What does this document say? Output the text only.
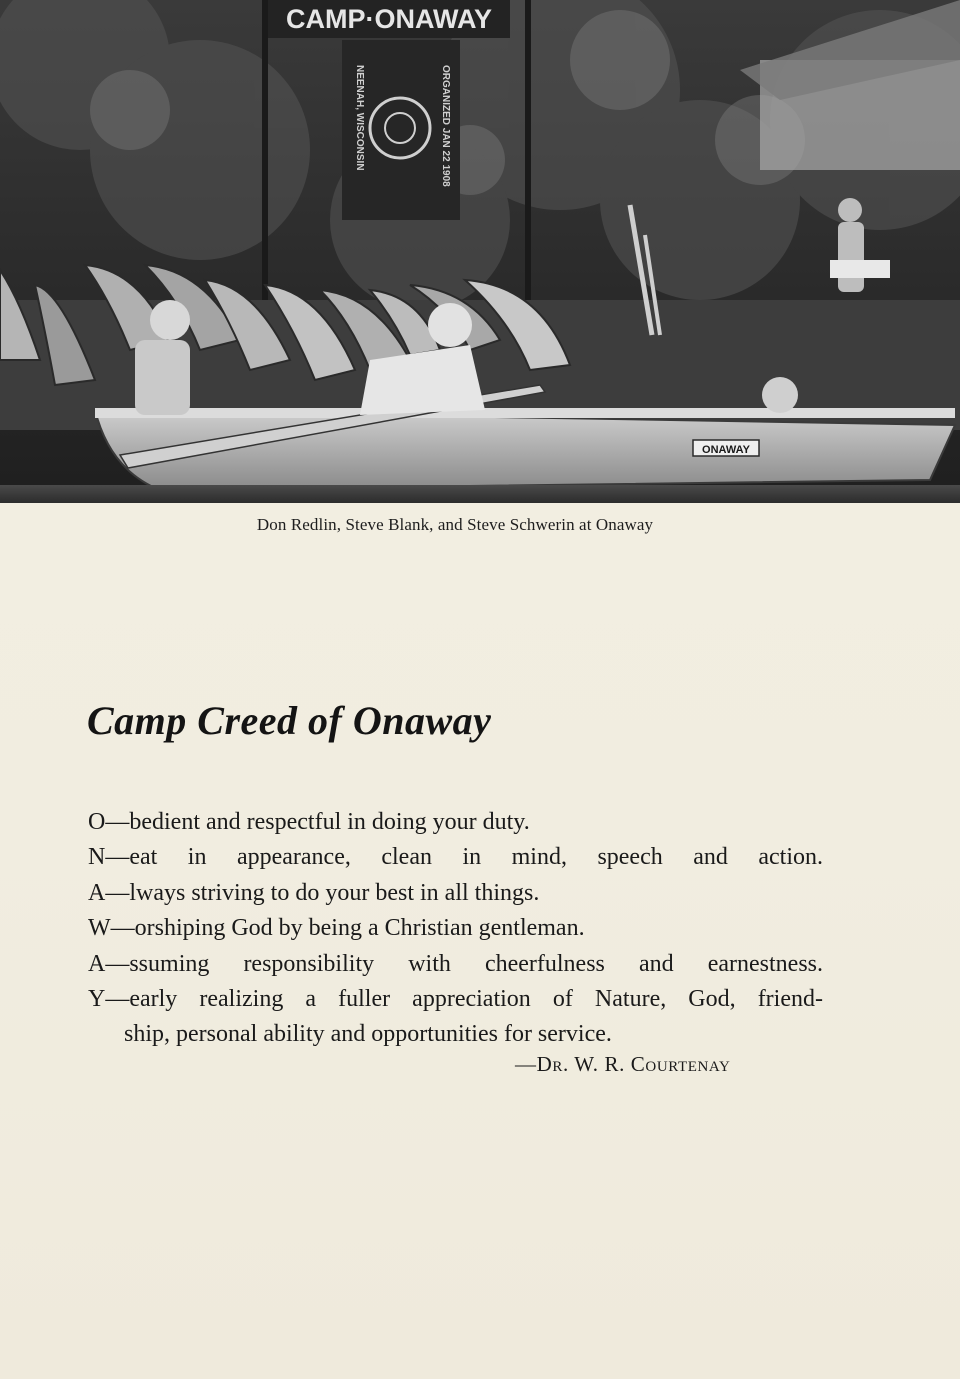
CAMP·ONAWAY
NEENAH, WISCONSIN	ORGANIZED JAN 22 1908
ONAWAY

Don Redlin, Steve Blank, and Steve Schwerin at Onaway
Camp Creed of Onaway
O—bedient and respectful in doing your duty.
N—eat in appearance, clean in mind, speech and action.
A—lways striving to do your best in all things.
W—orshiping God by being a Christian gentleman.
A—ssuming responsibility with cheerfulness and earnestness.
Y—early realizing a fuller appreciation of Nature, God, friend-
ship, personal ability and opportunities for service.
—Dr. W. R. Courtenay
